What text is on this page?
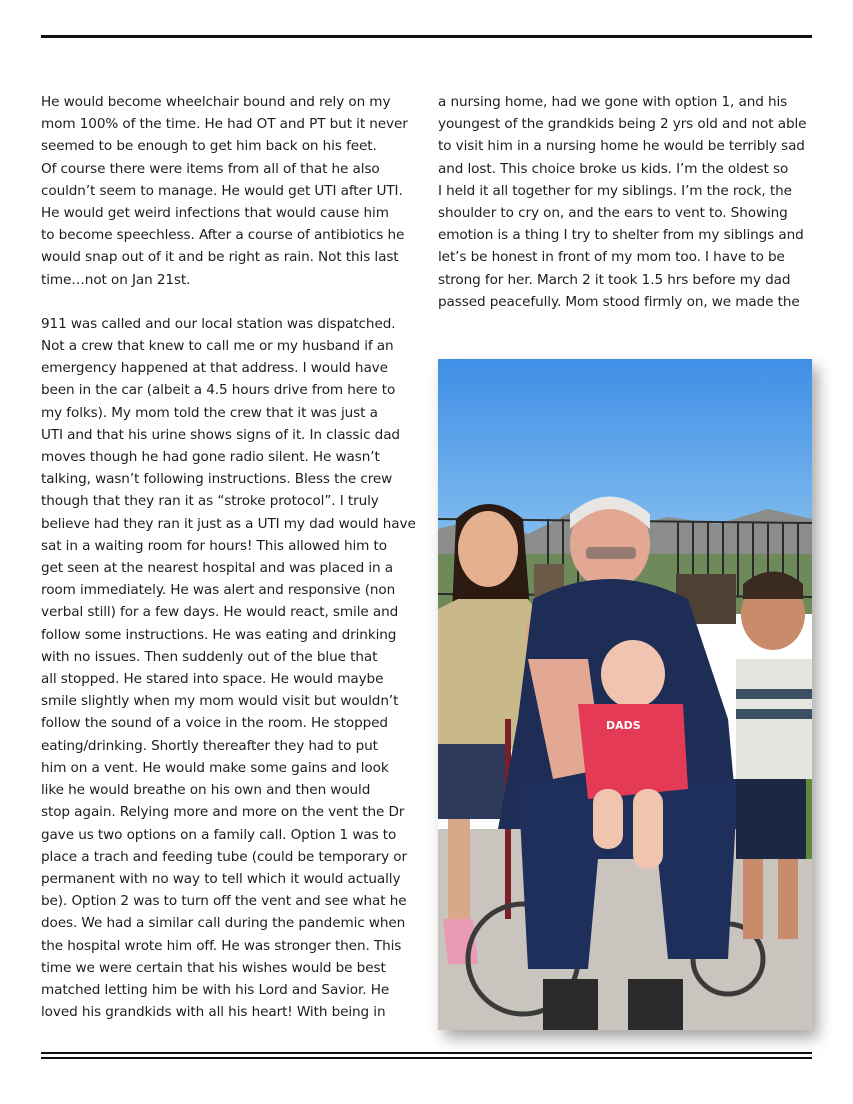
He would become wheelchair bound and rely on my
mom 100% of the time. He had OT and PT but it never
seemed to be enough to get him back on his feet.
Of course there were items from all of that he also
couldn’t seem to manage. He would get UTI after UTI.
He would get weird infections that would cause him
to become speechless. After a course of antibiotics he
would snap out of it and be right as rain. Not this last
time…not on Jan 21st.
911 was called and our local station was dispatched.
Not a crew that knew to call me or my husband if an
emergency happened at that address. I would have
been in the car (albeit a 4.5 hours drive from here to
my folks). My mom told the crew that it was just a
UTI and that his urine shows signs of it. In classic dad
moves though he had gone radio silent. He wasn’t
talking, wasn’t following instructions. Bless the crew
though that they ran it as “stroke protocol”. I truly
believe had they ran it just as a UTI my dad would have
sat in a waiting room for hours! This allowed him to
get seen at the nearest hospital and was placed in a
room immediately. He was alert and responsive (non
verbal still) for a few days. He would react, smile and
follow some instructions. He was eating and drinking
with no issues. Then suddenly out of the blue that
all stopped. He stared into space. He would maybe
smile slightly when my mom would visit but wouldn’t
follow the sound of a voice in the room. He stopped
eating/drinking. Shortly thereafter they had to put
him on a vent. He would make some gains and look
like he would breathe on his own and then would
stop again. Relying more and more on the vent the Dr
gave us two options on a family call. Option 1 was to
place a trach and feeding tube (could be temporary or
permanent with no way to tell which it would actually
be). Option 2 was to turn off the vent and see what he
does. We had a similar call during the pandemic when
the hospital wrote him off. He was stronger then. This
time we were certain that his wishes would be best
matched letting him be with his Lord and Savior. He
loved his grandkids with all his heart! With being in
a nursing home, had we gone with option 1, and his
youngest of the grandkids being 2 yrs old and not able
to visit him in a nursing home he would be terribly sad
and lost. This choice broke us kids. I’m the oldest so
I held it all together for my siblings. I’m the rock, the
shoulder to cry on, and the ears to vent to. Showing
emotion is a thing I try to shelter from my siblings and
let’s be honest in front of my mom too. I have to be
strong for her. March 2 it took 1.5 hrs before my dad
passed peacefully. Mom stood firmly on, we made the
DADS
